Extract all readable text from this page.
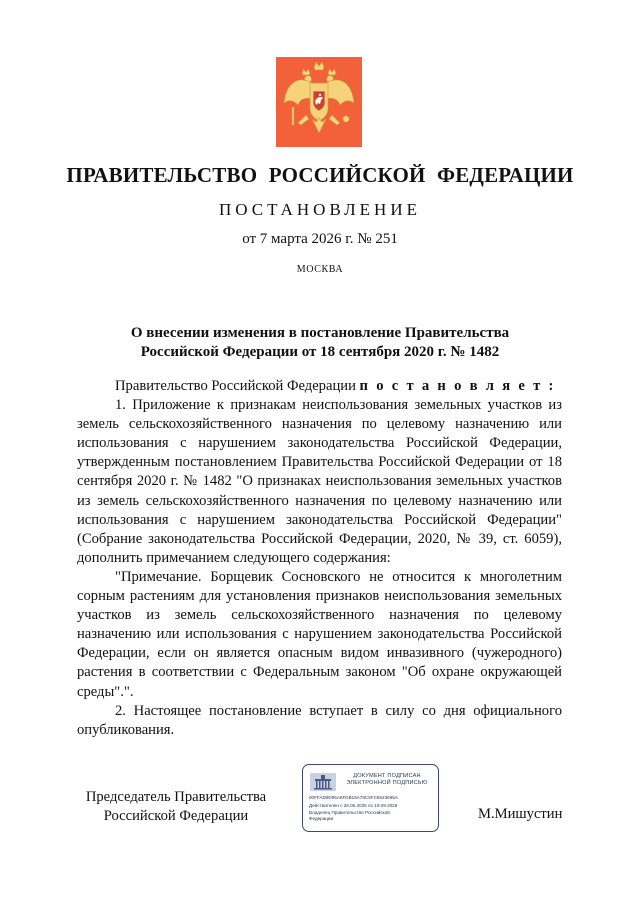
ПРАВИТЕЛЬСТВО РОССИЙСКОЙ ФЕДЕРАЦИИ
ПОСТАНОВЛЕНИЕ
от 7 марта 2026 г. № 251
МОСКВА
О внесении изменения в постановление Правительства
Российской Федерации от 18 сентября 2020 г. № 1482

Правительство Российской Федерации п о с т а н о в л я е т :

1. Приложение к признакам неиспользования земельных участков из земель сельскохозяйственного назначения по целевому назначению или использования с нарушением законодательства Российской Федерации, утвержденным постановлением Правительства Российской Федерации от 18 сентября 2020 г. № 1482 "О признаках неиспользования земельных участков из земель сельскохозяйственного назначения по целевому назначению или использования с нарушением законодательства Российской Федерации" (Собрание законодательства Российской Федерации, 2020, № 39, ст. 6059), дополнить примечанием следующего содержания:

"Примечание. Борщевик Сосновского не относится к многолетним сорным растениям для установления признаков неиспользования земельных участков из земель сельскохозяйственного назначения по целевому назначению или использования с нарушением законодательства Российской Федерации, если он является опасным видом инвазивного (чужеродного) растения в соответствии с Федеральным законом "Об охране окружающей среды".".

2. Настоящее постановление вступает в силу со дня официального опубликования.

Председатель Правительства
Российской Федерации
ДОКУМЕНТ ПОДПИСАН
ЭЛЕКТРОННОЙ ПОДПИСЬЮ
00FFAD9D95A6FDB15A78C5FC8623665A
Действителен с 26.06.2025 по 19.09.2026
Владелец Правительство Российской
Федерации	М.Мишустин
